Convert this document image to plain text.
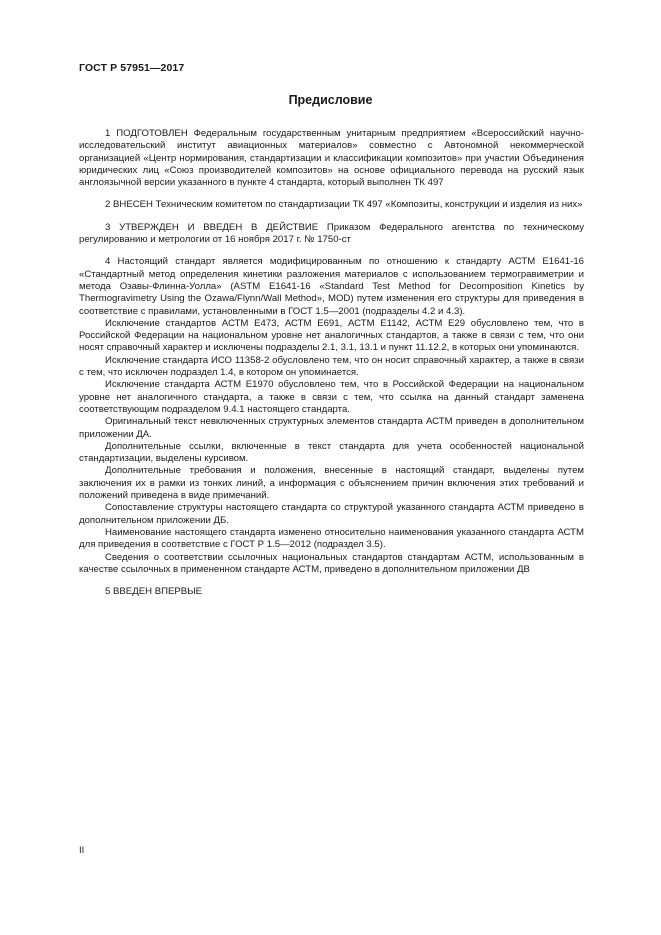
ГОСТ Р 57951—2017
Предисловие

1 ПОДГОТОВЛЕН Федеральным государственным унитарным предприятием «Всероссийский научно-исследовательский институт авиационных материалов» совместно с Автономной некоммерческой организацией «Центр нормирования, стандартизации и классификации композитов» при участии Объединения юридических лиц «Союз производителей композитов» на основе официального перевода на русский язык англоязычной версии указанного в пункте 4 стандарта, который выполнен ТК 497

2 ВНЕСЕН Техническим комитетом по стандартизации ТК 497 «Композиты, конструкции и изделия из них»

3 УТВЕРЖДЕН И ВВЕДЕН В ДЕЙСТВИЕ Приказом Федерального агентства по техническому регулированию и метрологии от 16 ноября 2017 г. № 1750-ст

4 Настоящий стандарт является модифицированным по отношению к стандарту АСТМ Е1641-16 «Стандартный метод определения кинетики разложения материалов с использованием термогравиметрии и метода Озавы-Флинна-Уолла» (ASTM E1641-16 «Standard Test Method for Decomposition Kinetics by Thermogravimetry Using the Ozawa/Flynn/Wall Method», MOD) путем изменения его структуры для приведения в соответствие с правилами, установленными в ГОСТ 1.5—2001 (подразделы 4.2 и 4.3).

Исключение стандартов АСТМ Е473, АСТМ Е691, АСТМ Е1142, АСТМ Е29 обусловлено тем, что в Российской Федерации на национальном уровне нет аналогичных стандартов, а также в связи с тем, что они носят справочный характер и исключены подразделы 2.1, 3.1, 13.1 и пункт 11.12.2, в которых они упоминаются.

Исключение стандарта ИСО 11358-2 обусловлено тем, что он носит справочный характер, а также в связи с тем, что исключен подраздел 1.4, в котором он упоминается.

Исключение стандарта АСТМ Е1970 обусловлено тем, что в Российской Федерации на национальном уровне нет аналогичного стандарта, а также в связи с тем, что ссылка на данный стандарт заменена соответствующим подразделом 9.4.1 настоящего стандарта.

Оригинальный текст невключенных структурных элементов стандарта АСТМ приведен в дополнительном приложении ДА.

Дополнительные ссылки, включенные в текст стандарта для учета особенностей национальной стандартизации, выделены курсивом.

Дополнительные требования и положения, внесенные в настоящий стандарт, выделены путем заключения их в рамки из тонких линий, а информация с объяснением причин включения этих требований и положений приведена в виде примечаний.

Сопоставление структуры настоящего стандарта со структурой указанного стандарта АСТМ приведено в дополнительном приложении ДБ.

Наименование настоящего стандарта изменено относительно наименования указанного стандарта АСТМ для приведения в соответствие с ГОСТ Р 1.5—2012 (подраздел 3.5).

Сведения о соответствии ссылочных национальных стандартов стандартам АСТМ, использованным в качестве ссылочных в примененном стандарте АСТМ, приведено в дополнительном приложении ДВ

5 ВВЕДЕН ВПЕРВЫЕ

II
